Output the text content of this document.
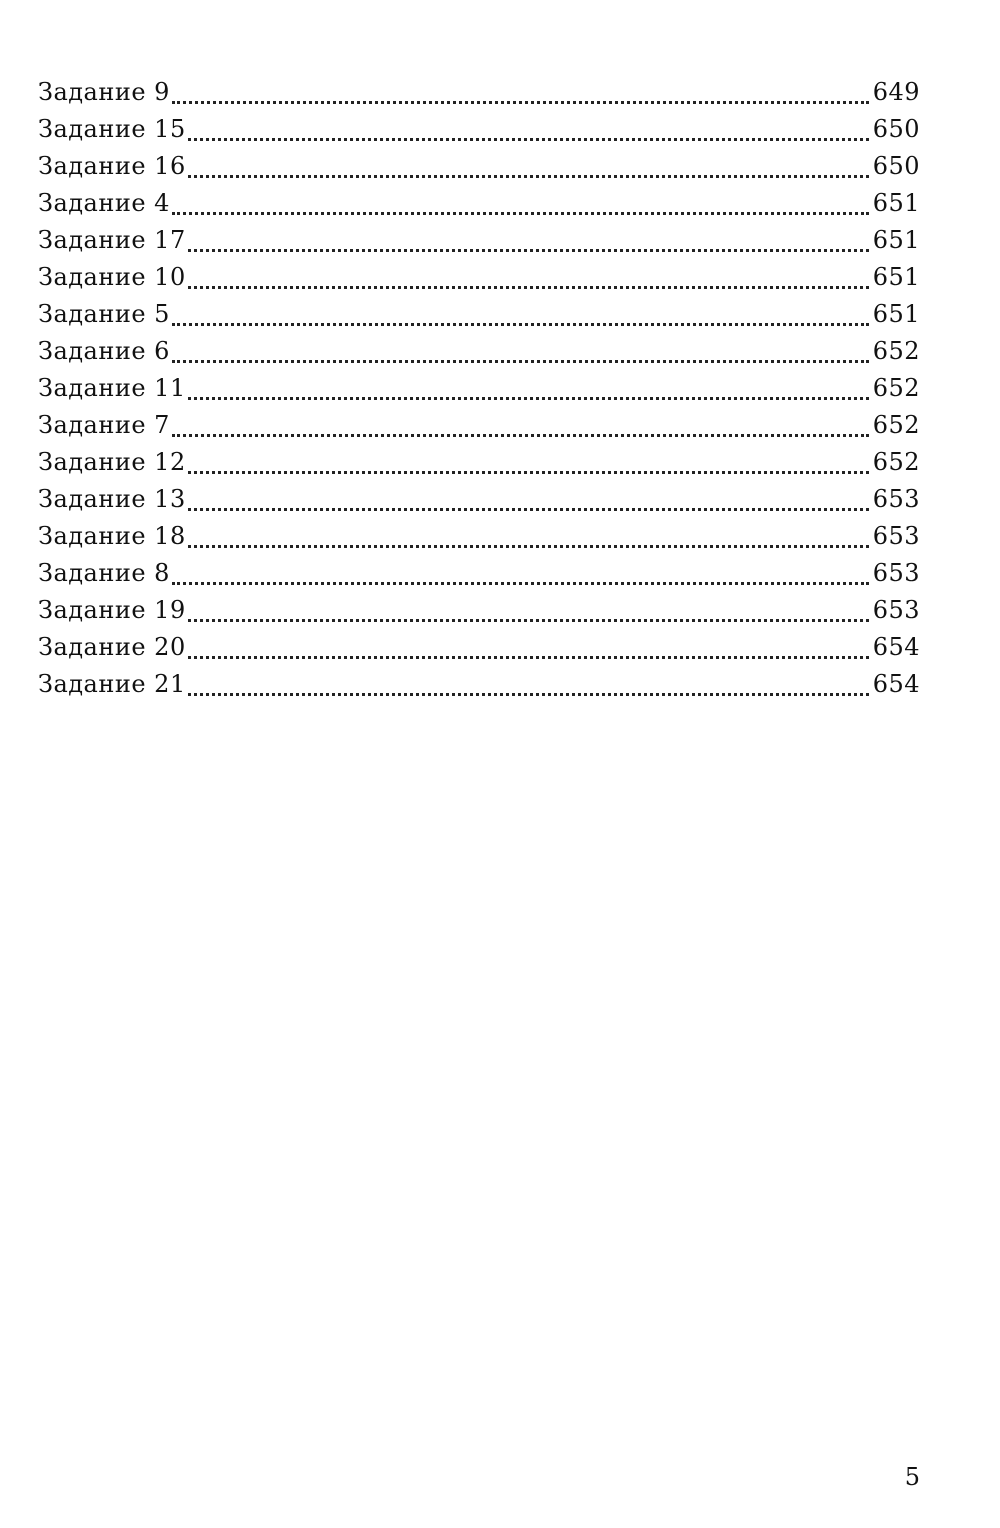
Задание 9	649
Задание 15	650
Задание 16	650
Задание 4	651
Задание 17	651
Задание 10	651
Задание 5	651
Задание 6	652
Задание 11	652
Задание 7	652
Задание 12	652
Задание 13	653
Задание 18	653
Задание 8	653
Задание 19	653
Задание 20	654
Задание 21	654
5
